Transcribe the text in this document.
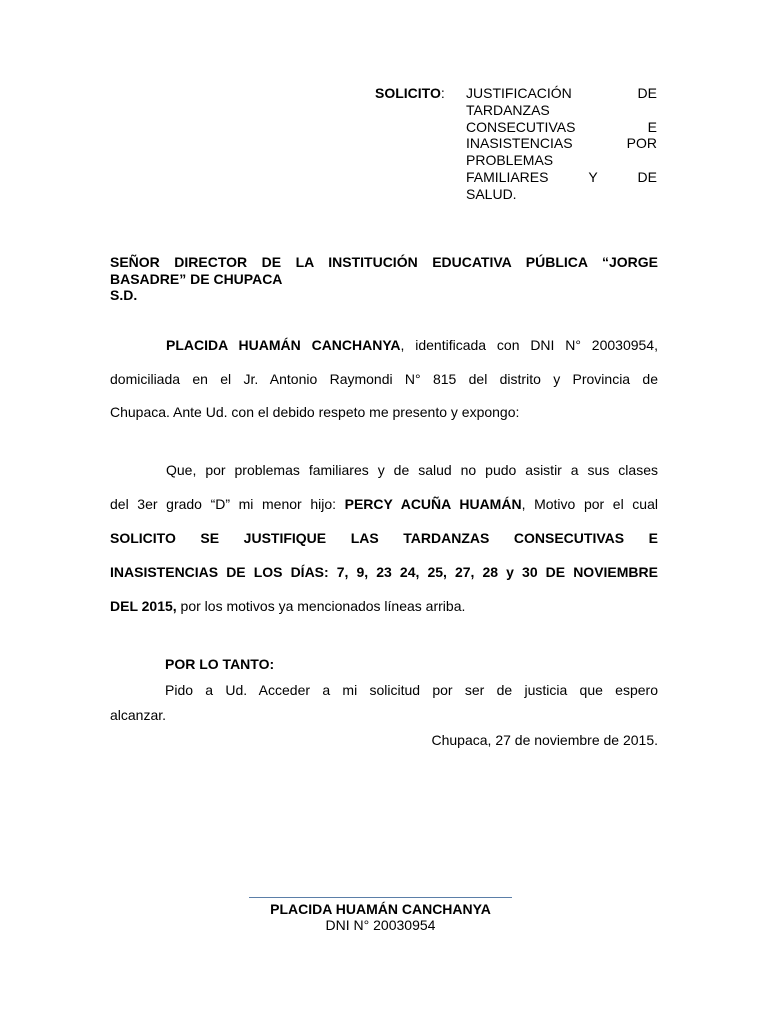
SOLICITO: JUSTIFICACIÓN DE
TARDANZAS
CONSECUTIVAS E
INASISTENCIAS POR
PROBLEMAS
FAMILIARES Y DE
SALUD.
SEÑOR DIRECTOR DE LA INSTITUCIÓN EDUCATIVA PÚBLICA “JORGE
BASADRE” DE CHUPACA
S.D.
PLACIDA HUAMÁN CANCHANYA, identificada con DNI N° 20030954,
domiciliada en el Jr. Antonio Raymondi N° 815 del distrito y Provincia de
Chupaca. Ante Ud. con el debido respeto me presento y expongo:
Que, por problemas familiares y de salud no pudo asistir a sus clases
del 3er grado “D” mi menor hijo: PERCY ACUÑA HUAMÁN, Motivo por el cual
SOLICITO SE JUSTIFIQUE LAS TARDANZAS CONSECUTIVAS E
INASISTENCIAS DE LOS DÍAS: 7, 9, 23 24, 25, 27, 28 y 30 DE NOVIEMBRE
DEL 2015, por los motivos ya mencionados líneas arriba.
POR LO TANTO:
Pido a Ud. Acceder a mi solicitud por ser de justicia que espero
alcanzar.
Chupaca, 27 de noviembre de 2015.
PLACIDA HUAMÁN CANCHANYA
DNI N° 20030954
